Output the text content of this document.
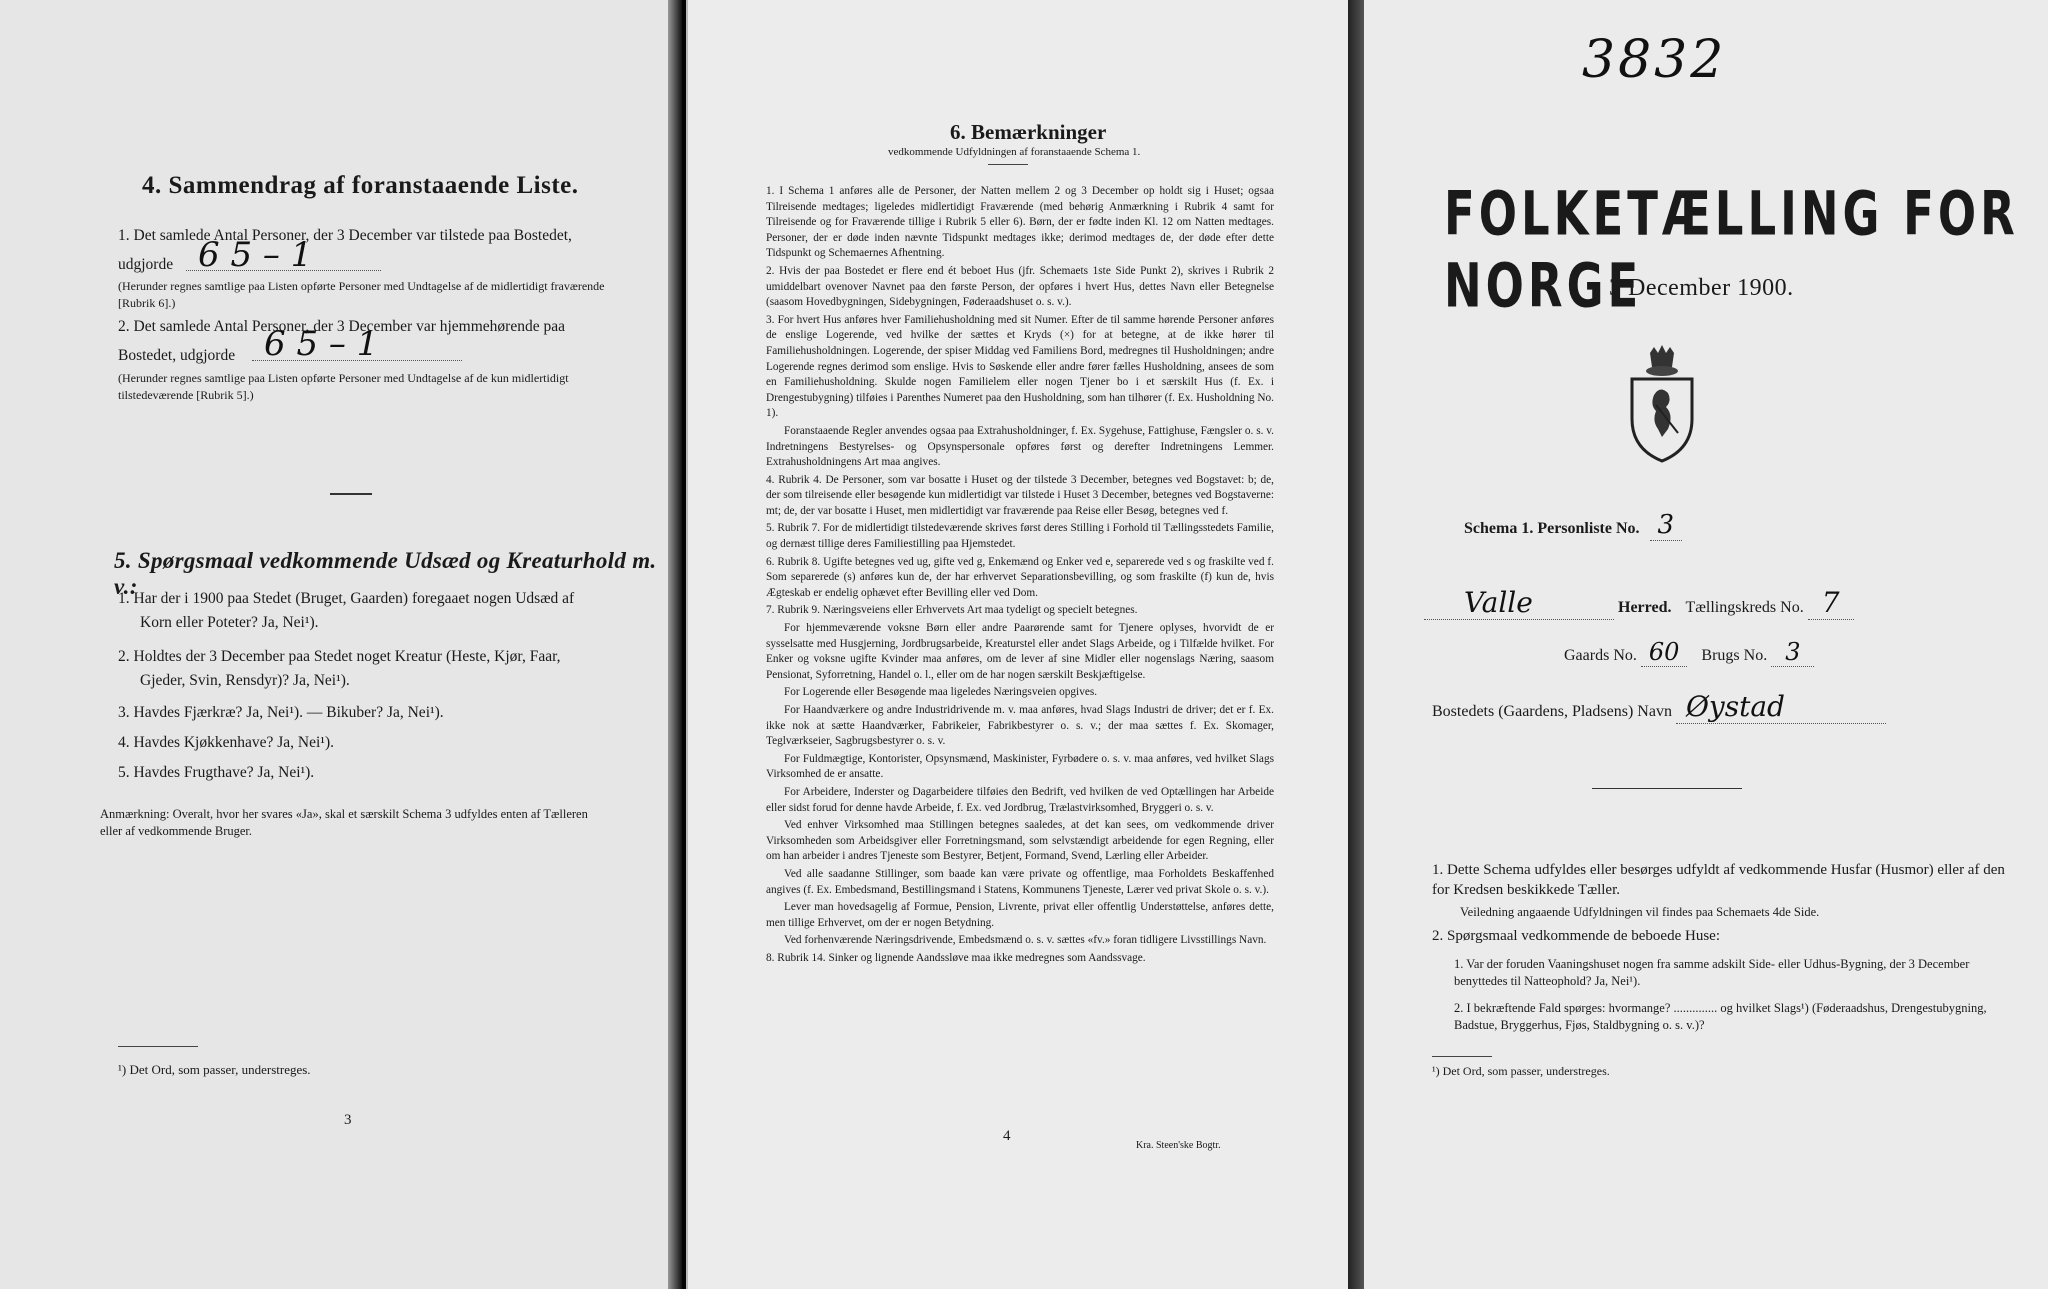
4. Sammendrag af foranstaaende Liste.
1. Det samlede Antal Personer, der 3 December var tilstede paa Bostedet,
udgjorde 6 5 – 1
(Herunder regnes samtlige paa Listen opførte Personer med Undtagelse af de midlertidigt fraværende [Rubrik 6].)
2. Det samlede Antal Personer, der 3 December var hjemmehørende paa
Bostedet, udgjorde 6 5 – 1
(Herunder regnes samtlige paa Listen opførte Personer med Undtagelse af de kun midlertidigt tilstedeværende [Rubrik 5].)
5. Spørgsmaal vedkommende Udsæd og Kreaturhold m. v.:
1. Har der i 1900 paa Stedet (Bruget, Gaarden) foregaaet nogen Udsæd af
Korn eller Poteter? Ja, Nei¹).
2. Holdtes der 3 December paa Stedet noget Kreatur (Heste, Kjør, Faar,
Gjeder, Svin, Rensdyr)? Ja, Nei¹).
3. Havdes Fjærkræ? Ja, Nei¹). — Bikuber? Ja, Nei¹).
4. Havdes Kjøkkenhave? Ja, Nei¹).
5. Havdes Frugthave? Ja, Nei¹).
Anmærkning: Overalt, hvor her svares «Ja», skal et særskilt Schema 3 udfyldes enten af Tælleren eller af vedkommende Bruger.
¹) Det Ord, som passer, understreges.
3
6. Bemærkninger
vedkommende Udfyldningen af foranstaaende Schema 1.
1. I Schema 1 anføres alle de Personer, der Natten mellem 2 og 3 December op holdt sig i Huset; ogsaa Tilreisende medtages; ligeledes midlertidigt Fraværende (med behørig Anmærkning i Rubrik 4 samt for Tilreisende og for Fraværende tillige i Rubrik 5 eller 6). Børn, der er fødte inden Kl. 12 om Natten medtages. Personer, der er døde inden nævnte Tidspunkt medtages ikke; derimod medtages de, der døde efter dette Tidspunkt og Schemaernes Afhentning.
2. Hvis der paa Bostedet er flere end ét beboet Hus (jfr. Schemaets 1ste Side Punkt 2), skrives i Rubrik 2 umiddelbart ovenover Navnet paa den første Person, der opføres i hvert Hus, dettes Navn eller Betegnelse (saasom Hovedbygningen, Sidebygningen, Føderaadshuset o. s. v.).
3. For hvert Hus anføres hver Familiehusholdning med sit Numer. Efter de til samme hørende Personer anføres de enslige Logerende, ved hvilke der sættes et Kryds (×) for at betegne, at de ikke hører til Familiehusholdningen. Logerende, der spiser Middag ved Familiens Bord, medregnes til Husholdningen; andre Logerende regnes derimod som enslige. Hvis to Søskende eller andre fører fælles Husholdning, ansees de som en Familiehusholdning. Skulde nogen Familielem eller nogen Tjener bo i et særskilt Hus (f. Ex. i Drengestubygning) tilføies i Parenthes Numeret paa den Husholdning, som han tilhører (f. Ex. Husholdning No. 1).
Foranstaaende Regler anvendes ogsaa paa Extrahusholdninger, f. Ex. Sygehuse, Fattighuse, Fængsler o. s. v. Indretningens Bestyrelses- og Opsynspersonale opføres først og derefter Indretningens Lemmer. Extrahusholdningens Art maa angives.
4. Rubrik 4. De Personer, som var bosatte i Huset og der tilstede 3 December, betegnes ved Bogstavet: b; de, der som tilreisende eller besøgende kun midlertidigt var tilstede i Huset 3 December, betegnes ved Bogstaverne: mt; de, der var bosatte i Huset, men midlertidigt var fraværende paa Reise eller Besøg, betegnes ved f.
5. Rubrik 7. For de midlertidigt tilstedeværende skrives først deres Stilling i Forhold til Tællingsstedets Familie, og dernæst tillige deres Familiestilling paa Hjemstedet.
6. Rubrik 8. Ugifte betegnes ved ug, gifte ved g, Enkemænd og Enker ved e, separerede ved s og fraskilte ved f. Som separerede (s) anføres kun de, der har erhvervet Separationsbevilling, og som fraskilte (f) kun de, hvis Ægteskab er endelig ophævet efter Bevilling eller ved Dom.
7. Rubrik 9. Næringsveiens eller Erhvervets Art maa tydeligt og specielt betegnes.
For hjemmeværende voksne Børn eller andre Paarørende samt for Tjenere oplyses, hvorvidt de er sysselsatte med Husgjerning, Jordbrugsarbeide, Kreaturstel eller andet Slags Arbeide, og i Tilfælde hvilket. For Enker og voksne ugifte Kvinder maa anføres, om de lever af sine Midler eller nogenslags Næring, saasom Pensionat, Syforretning, Handel o. l., eller om de har nogen særskilt Beskjæftigelse.
For Logerende eller Besøgende maa ligeledes Næringsveien opgives.
For Haandværkere og andre Industridrivende m. v. maa anføres, hvad Slags Industri de driver; det er f. Ex. ikke nok at sætte Haandværker, Fabrikeier, Fabrikbestyrer o. s. v.; der maa sættes f. Ex. Skomager, Teglværkseier, Sagbrugsbestyrer o. s. v.
For Fuldmægtige, Kontorister, Opsynsmænd, Maskinister, Fyrbødere o. s. v. maa anføres, ved hvilket Slags Virksomhed de er ansatte.
For Arbeidere, Inderster og Dagarbeidere tilføies den Bedrift, ved hvilken de ved Optællingen har Arbeide eller sidst forud for denne havde Arbeide, f. Ex. ved Jordbrug, Trælastvirksomhed, Bryggeri o. s. v.
Ved enhver Virksomhed maa Stillingen betegnes saaledes, at det kan sees, om vedkommende driver Virksomheden som Arbeidsgiver eller Forretningsmand, som selvstændigt arbeidende for egen Regning, eller om han arbeider i andres Tjeneste som Bestyrer, Betjent, Formand, Svend, Lærling eller Arbeider.
Ved alle saadanne Stillinger, som baade kan være private og offentlige, maa Forholdets Beskaffenhed angives (f. Ex. Embedsmand, Bestillingsmand i Statens, Kommunens Tjeneste, Lærer ved privat Skole o. s. v.).
Lever man hovedsagelig af Formue, Pension, Livrente, privat eller offentlig Understøttelse, anføres dette, men tillige Erhvervet, om der er nogen Betydning.
Ved forhenværende Næringsdrivende, Embedsmænd o. s. v. sættes «fv.» foran tidligere Livsstillings Navn.
8. Rubrik 14. Sinker og lignende Aandssløve maa ikke medregnes som Aandssvage.
4
Kra. Steen'ske Bogtr.
3832
FOLKETÆLLING FOR NORGE
3 December 1900.
Schema 1. Personliste No. 3
Valle	Herred. Tællingskreds No. 7
Gaards No. 60 Brugs No. 3
Bostedets (Gaardens, Pladsens) Navn Øystad
1. Dette Schema udfyldes eller besørges udfyldt af vedkommende Husfar (Husmor) eller af den for Kredsen beskikkede Tæller.
Veiledning angaaende Udfyldningen vil findes paa Schemaets 4de Side.
2. Spørgsmaal vedkommende de beboede Huse:
1. Var der foruden Vaaningshuset nogen fra samme adskilt Side- eller Udhus-Bygning, der 3 December benyttedes til Natteophold? Ja, Nei¹).
2. I bekræftende Fald spørges: hvormange? .............. og hvilket Slags¹) (Føderaadshus, Drengestubygning, Badstue, Bryggerhus, Fjøs, Staldbygning o. s. v.)?
¹) Det Ord, som passer, understreges.
